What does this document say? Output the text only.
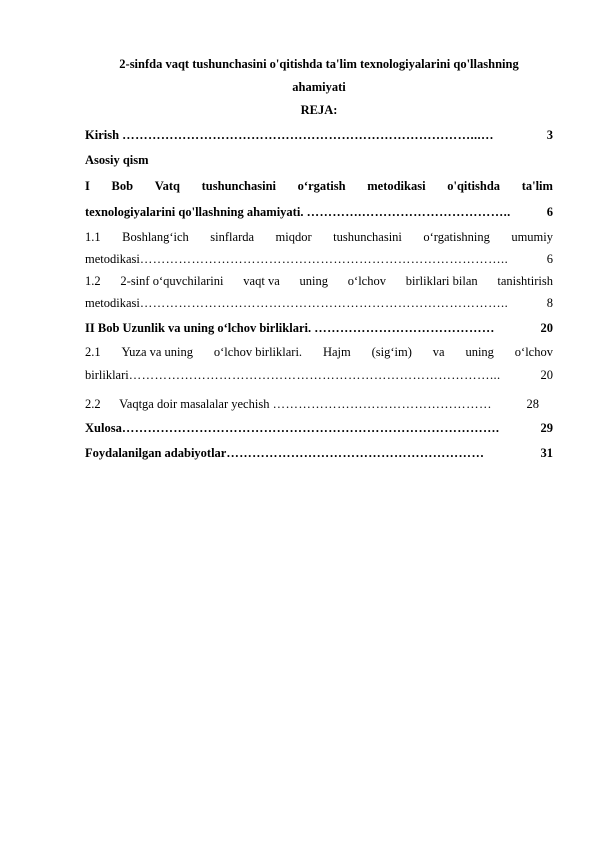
2-sinfda vaqt tushunchasini o'qitishda ta'lim texnologiyalarini qo'llashning
ahamiyati
REJA:
Kirish
………………………………………………………………………...…	3
Asosiy qism
I Bob Vatq tushunchasini o‘rgatish metodikasi o'qitishda ta'lim
texnologiyalarini qo'llashning ahamiyati.
………….……………………………..	6
1.1 Boshlang‘ich sinflarda miqdor tushunchasini o‘rgatishning umumiy
metodikasi …………………………………………………………………………..	6
1.2 2-sinf o‘quvchilarini vaqt va uning o‘lchov birliklari bilan tanishtirish
metodikasi …………………………………………………………………………..	8
II Bob Uzunlik va uning o‘lchov birliklari.
……………………………………	20
2.1 Yuza va uning o‘lchov birliklari. Hajm (sig‘im) va uning o‘lchov
birliklari …………………………………………………………………………...	20
2.2      Vaqtga doir masalalar yechish
……………………………………………	28
Xulosa …………………………………………………………………………….	29
Foydalanilgan adabiyotlar ……………………………………………………	31
